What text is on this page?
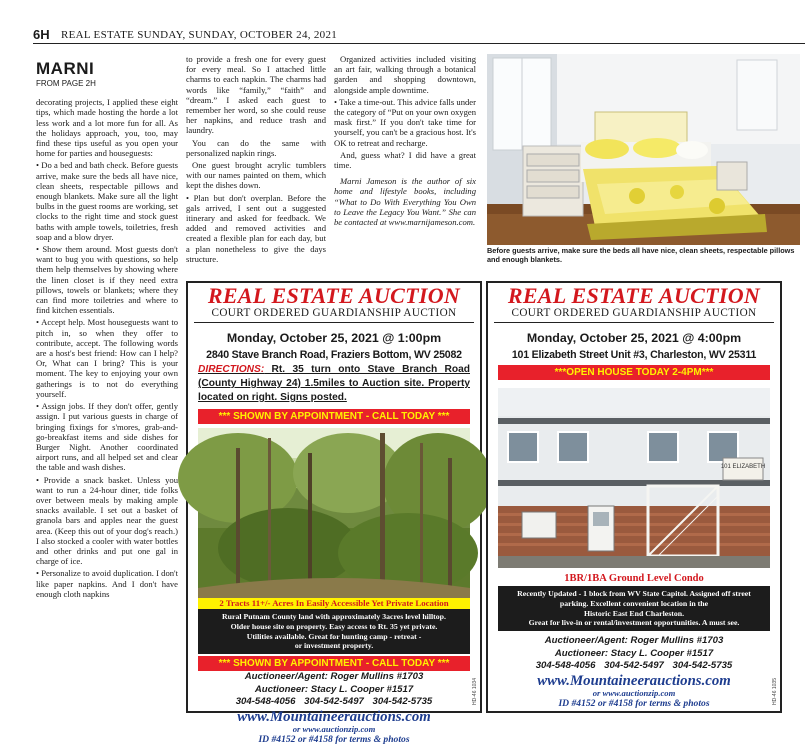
6H REAL ESTATE SUNDAY, SUNDAY, OCTOBER 24, 2021
MARNI
FROM PAGE 2H

decorating projects, I applied these eight tips, which made hosting the horde a lot less work and a lot more fun for all. As the holidays approach, you, too, may find these tips useful as you open your home for parties and houseguests:

• Do a bed and bath check. Before guests arrive, make sure the beds all have nice, clean sheets, respectable pillows and enough blankets. Make sure all the light bulbs in the guest rooms are working, set clocks to the right time and stock guest baths with ample towels, toiletries, fresh soap and a blow dryer.

• Show them around. Most guests don't want to bug you with questions, so help them help themselves by showing where the linen closet is if they need extra pillows, towels or blankets; where they can find more toiletries and where to find kitchen essentials.

• Accept help. Most houseguests want to pitch in, so when they offer to contribute, accept. The following words are a host's best friend: How can I help? Or, What can I bring? This is your moment. The key to enjoying your own gatherings is to not do everything yourself.

• Assign jobs. If they don't offer, gently assign. I put various guests in charge of bringing fixings for s'mores, grab-and-go-breakfast items and side dishes for Burger Night. Another coordinated airport runs, and all helped set and clear the table and wash dishes.

• Provide a snack basket. Unless you want to run a 24-hour diner, tide folks over between meals by making ample snacks available. I set out a basket of granola bars and apples near the guest area. (Keep this out of your dog's reach.) I also stocked a cooler with water bottles and other drinks and put one gal in charge of ice.

• Personalize to avoid duplication. I don't like paper napkins. And I don't have enough cloth napkins

to provide a fresh one for every guest for every meal. So I attached little charms to each napkin. The charms had words like “family,” “faith” and “dream.” I asked each guest to remember her word, so she could reuse her napkins, and reduce trash and laundry.

You can do the same with personalized napkin rings.

One guest brought acrylic tumblers with our names painted on them, which kept the dishes down.

• Plan but don't overplan. Before the gals arrived, I sent out a suggested itinerary and asked for feedback. We added and removed activities and created a flexible plan for each day, but a plan nonetheless to give the days structure.

Organized activities included visiting an art fair, walking through a botanical garden and shopping downtown, alongside ample downtime.

• Take a time-out. This advice falls under the category of “Put on your own oxygen mask first.” If you don't take time for yourself, you can't be a gracious host. It's OK to retreat and recharge.

And, guess what? I did have a great time.

Marni Jameson is the author of six home and lifestyle books, including “What to Do With Everything You Own to Leave the Legacy You Want.” She can be contacted at www.marnijameson.com.

Before guests arrive, make sure the beds all have nice, clean sheets, respectable pillows and enough blankets.
REAL ESTATE AUCTION
COURT ORDERED GUARDIANSHIP AUCTION
Monday, October 25, 2021 @ 1:00pm
2840 Stave Branch Road, Fraziers Bottom, WV 25082
DIRECTIONS: Rt. 35 turn onto Stave Branch Road (County Highway 24) 1.5miles to Auction site. Property located on right. Signs posted.
*** SHOWN BY APPOINTMENT - CALL TODAY ***
2 Tracts 11+/- Acres In Easily Accessible Yet Private Location
Rural Putnam County land with approximately 3acres level hilltop.
Older house site on property. Easy access to Rt. 35 yet private.
Utilities available. Great for hunting camp - retreat -
or investment property.
*** SHOWN BY APPOINTMENT - CALL TODAY ***
Auctioneer/Agent: Roger Mullins #1703
Auctioneer: Stacy L. Cooper #1517
304-548-4056 304-542-5497 304-542-5735
www.Mountaineerauctions.com
or www.auctionzip.com
ID #4152 or #4158 for terms & photos
HD-46 1034
REAL ESTATE AUCTION
COURT ORDERED GUARDIANSHIP AUCTION
Monday, October 25, 2021 @ 4:00pm
101 Elizabeth Street Unit #3, Charleston, WV 25311
***OPEN HOUSE TODAY 2-4PM***
101 ELIZABETH
1BR/1BA Ground Level Condo
Recently Updated - 1 block from WV State Capitol. Assigned off street
parking. Excellent convenient location in the
Historic East End Charleston.
Great for live-in or rental/investment opportunities. A must see.
Auctioneer/Agent: Roger Mullins #1703
Auctioneer: Stacy L. Cooper #1517
304-548-4056 304-542-5497 304-542-5735
www.Mountaineerauctions.com
or www.auctionzip.com
ID #4152 or #4158 for terms & photos	HD-46 1035
